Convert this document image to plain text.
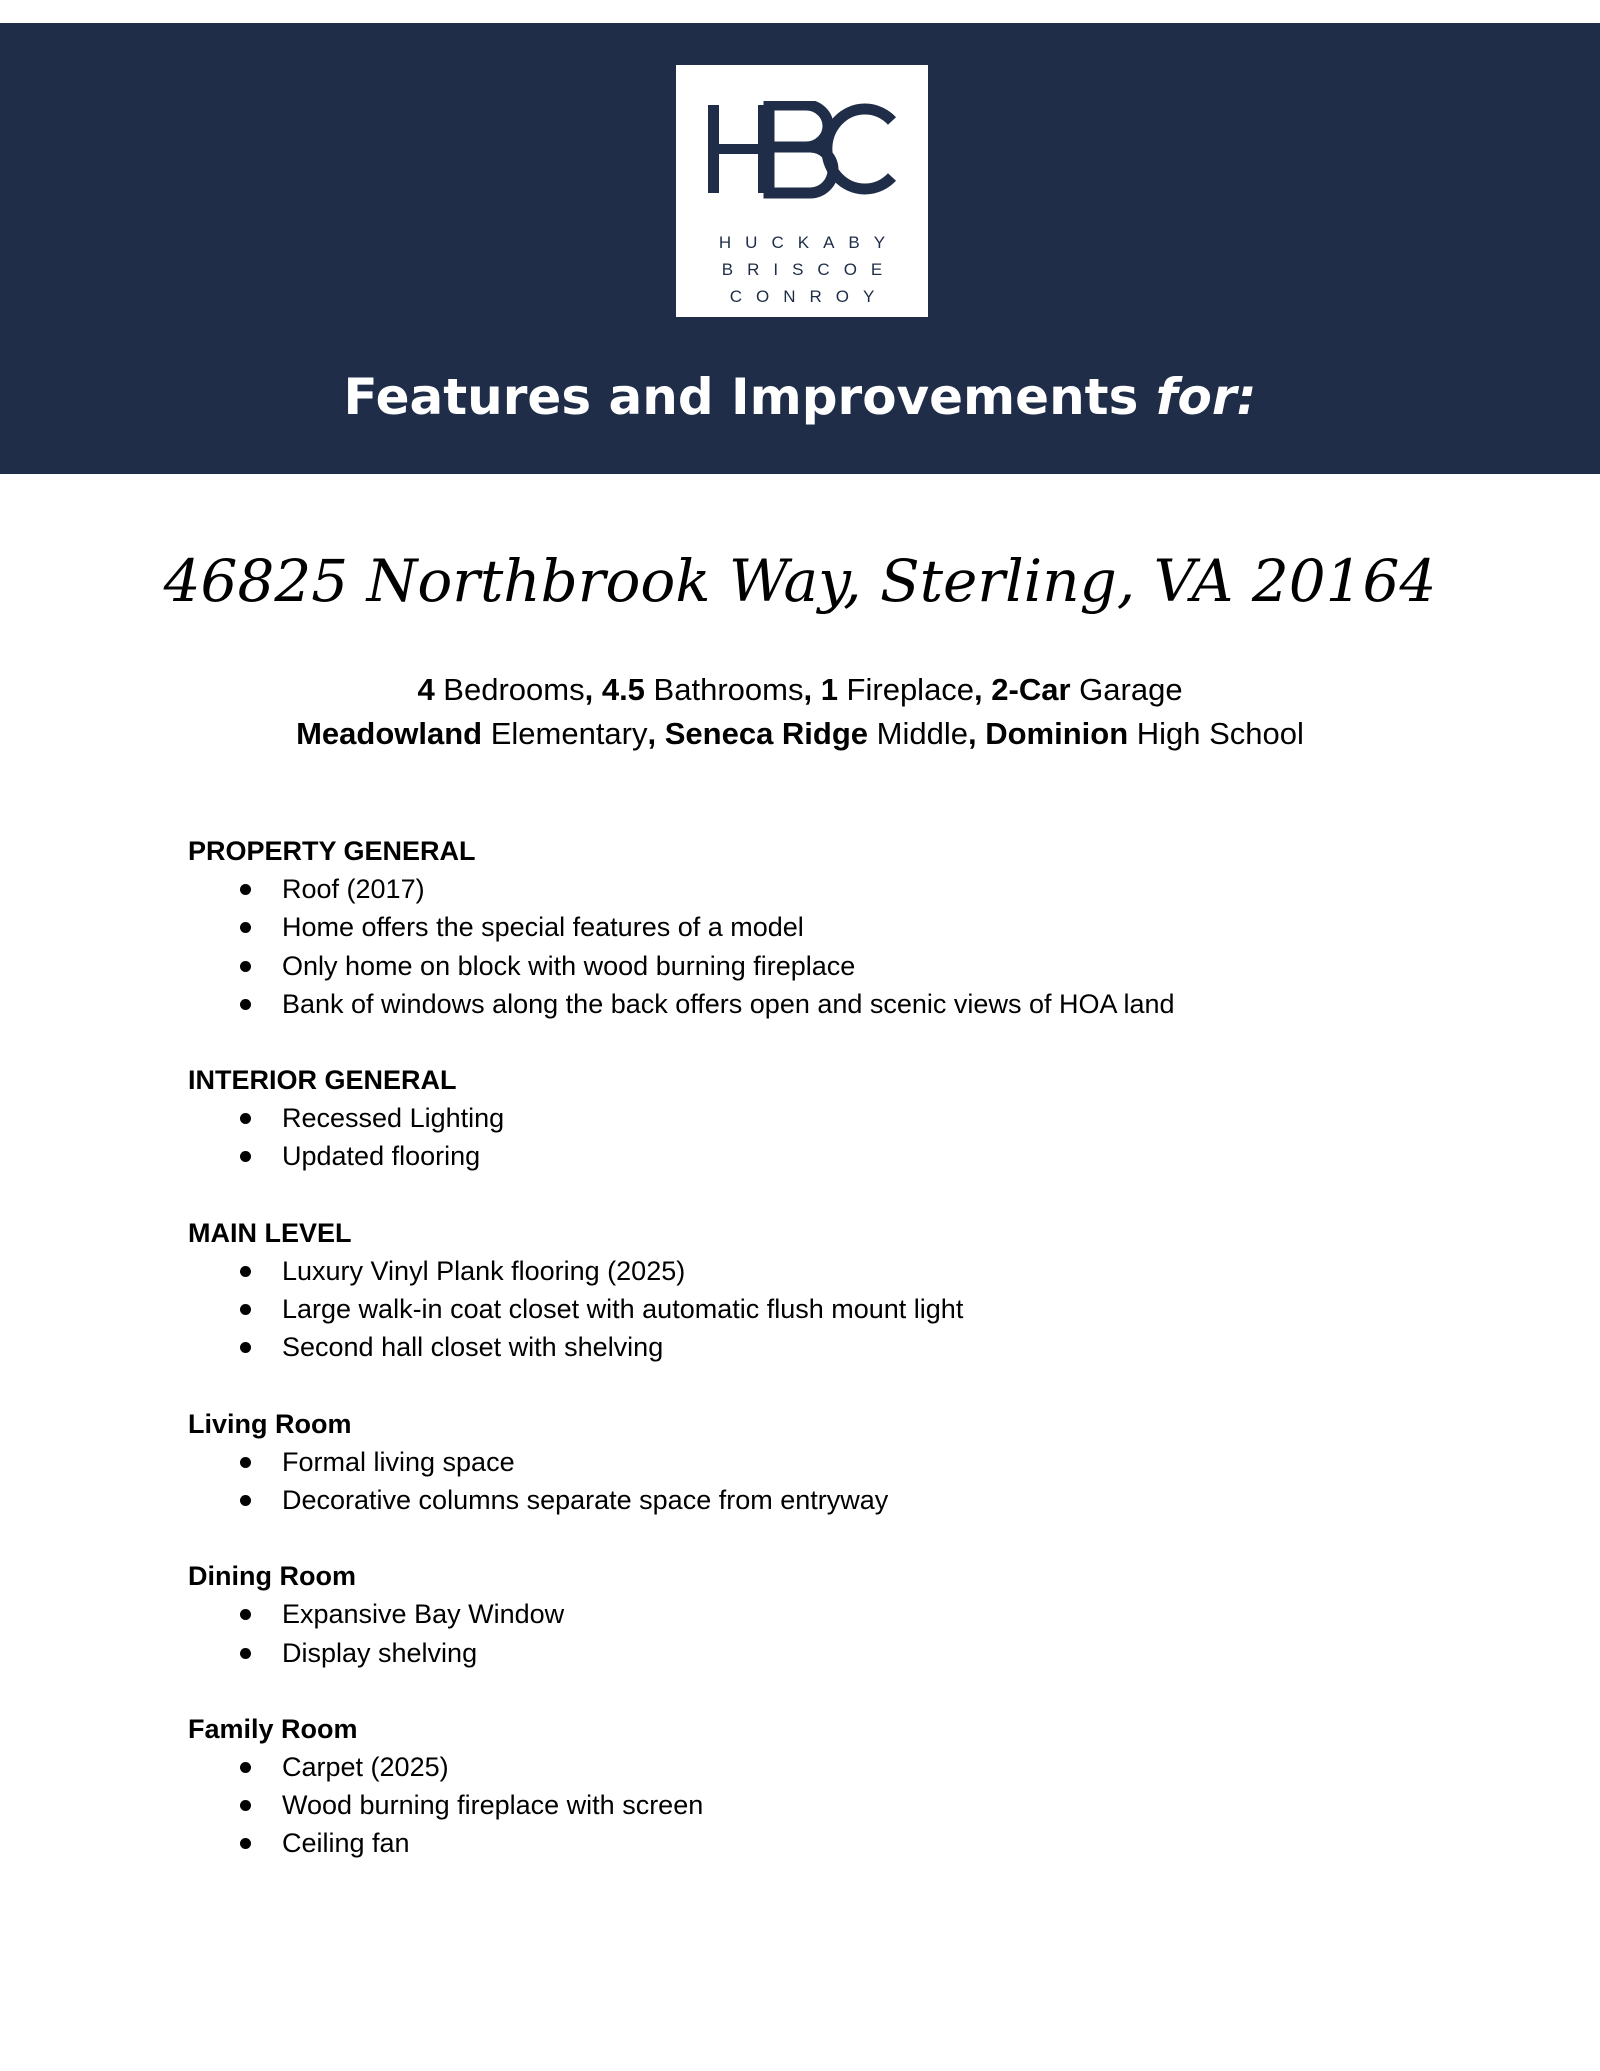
HUCKABY
BRISCOE
CONROY
Features and Improvements for:
46825 Northbrook Way, Sterling, VA 20164
4 Bedrooms, 4.5 Bathrooms, 1 Fireplace, 2-Car Garage
Meadowland Elementary, Seneca Ridge Middle, Dominion High School
PROPERTY GENERAL
Roof (2017)
Home offers the special features of a model
Only home on block with wood burning fireplace
Bank of windows along the back offers open and scenic views of HOA land
INTERIOR GENERAL
Recessed Lighting
Updated flooring
MAIN LEVEL
Luxury Vinyl Plank flooring (2025)
Large walk-in coat closet with automatic flush mount light
Second hall closet with shelving
Living Room
Formal living space
Decorative columns separate space from entryway
Dining Room
Expansive Bay Window
Display shelving
Family Room
Carpet (2025)
Wood burning fireplace with screen
Ceiling fan
